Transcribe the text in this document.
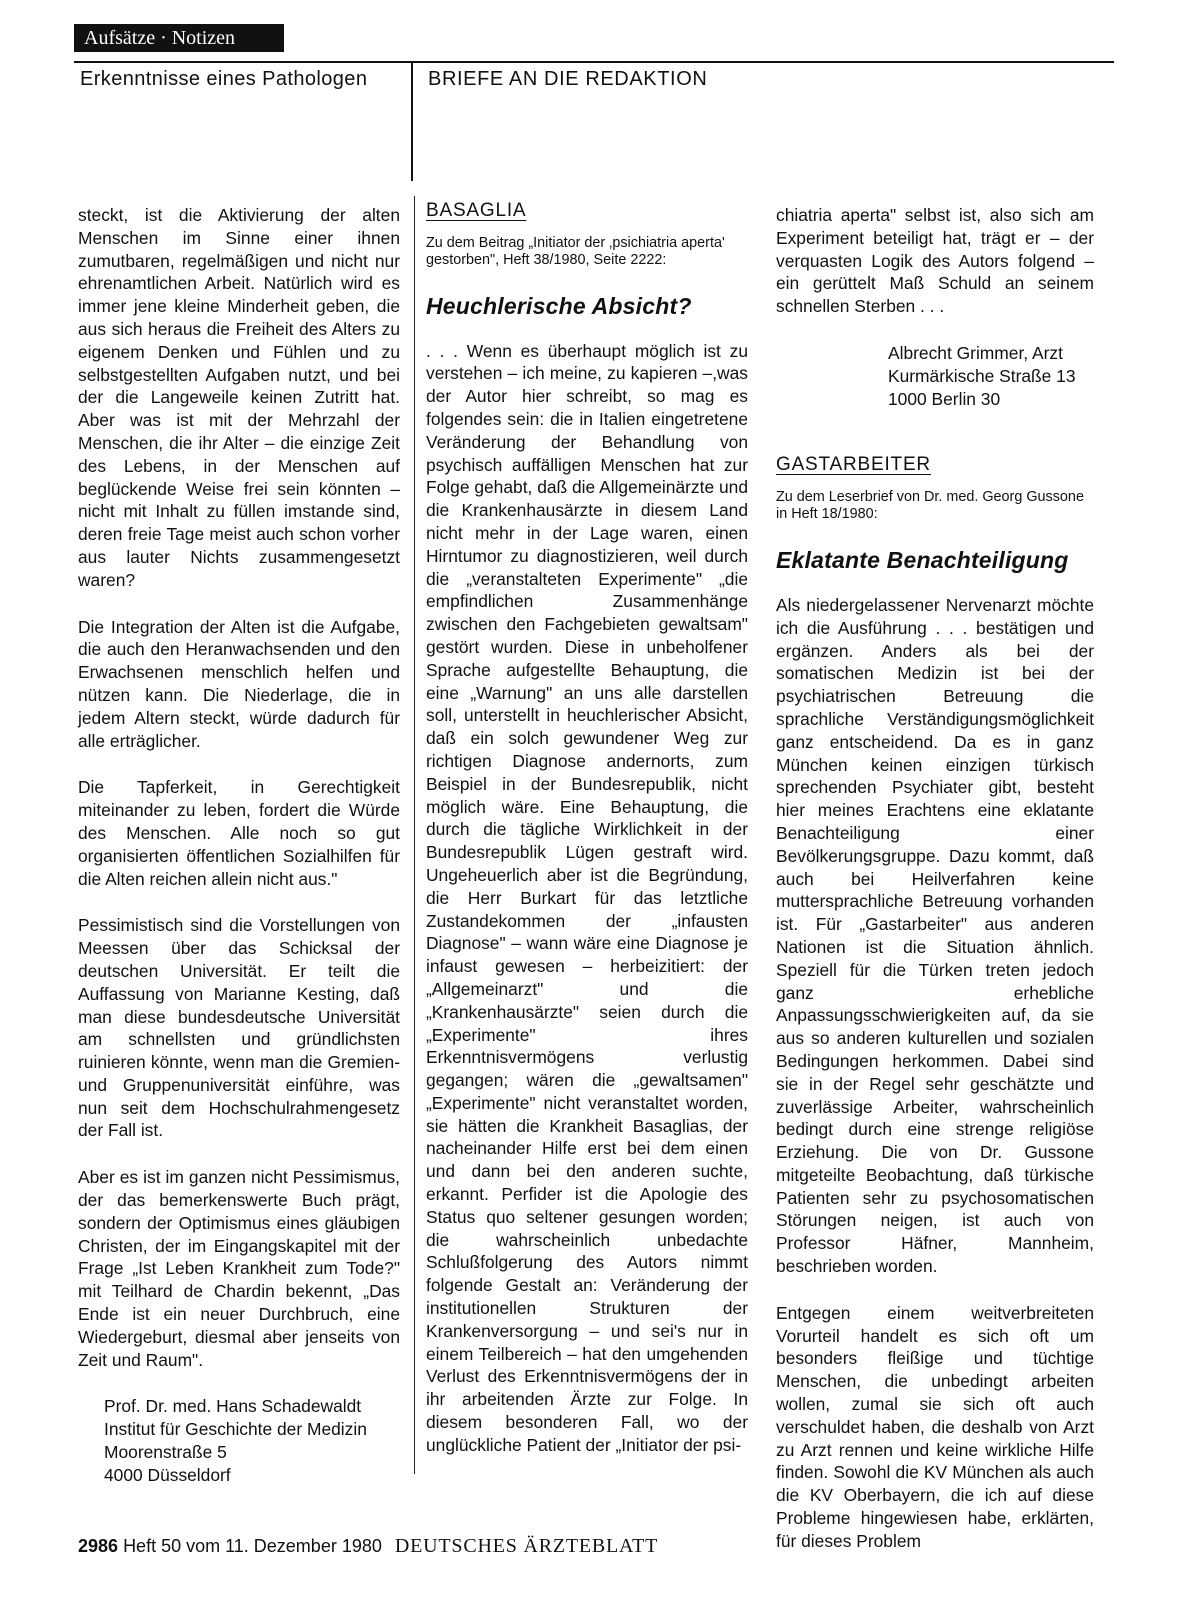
Aufsätze · Notizen
Erkenntnisse eines Pathologen	BRIEFE AN DIE REDAKTION

steckt, ist die Aktivierung der alten Menschen im Sinne einer ihnen zumutbaren, regelmäßigen und nicht nur ehrenamtlichen Arbeit. Natürlich wird es immer jene kleine Minderheit geben, die aus sich heraus die Freiheit des Alters zu eigenem Denken und Fühlen und zu selbstgestellten Aufgaben nutzt, und bei der die Langeweile keinen Zutritt hat. Aber was ist mit der Mehrzahl der Menschen, die ihr Alter – die einzige Zeit des Lebens, in der Menschen auf beglückende Weise frei sein könnten – nicht mit Inhalt zu füllen imstande sind, deren freie Tage meist auch schon vorher aus lauter Nichts zusammengesetzt waren?

Die Integration der Alten ist die Aufgabe, die auch den Heranwachsenden und den Erwachsenen menschlich helfen und nützen kann. Die Niederlage, die in jedem Altern steckt, würde dadurch für alle erträglicher.

Die Tapferkeit, in Gerechtigkeit miteinander zu leben, fordert die Würde des Menschen. Alle noch so gut organisierten öffentlichen Sozialhilfen für die Alten reichen allein nicht aus."

Pessimistisch sind die Vorstellungen von Meessen über das Schicksal der deutschen Universität. Er teilt die Auffassung von Marianne Kesting, daß man diese bundesdeutsche Universität am schnellsten und gründlichsten ruinieren könnte, wenn man die Gremien- und Gruppenuniversität einführe, was nun seit dem Hochschulrahmengesetz der Fall ist.

Aber es ist im ganzen nicht Pessimismus, der das bemerkenswerte Buch prägt, sondern der Optimismus eines gläubigen Christen, der im Eingangskapitel mit der Frage „Ist Leben Krankheit zum Tode?" mit Teilhard de Chardin bekennt, „Das Ende ist ein neuer Durchbruch, eine Wiedergeburt, diesmal aber jenseits von Zeit und Raum".

Prof. Dr. med. Hans Schadewaldt
Institut für Geschichte der Medizin
Moorenstraße 5
4000 Düsseldorf
BASAGLIA

Zu dem Beitrag „Initiator der ‚psichiatria aperta' gestorben", Heft 38/1980, Seite 2222:

Heuchlerische Absicht?

. . . Wenn es überhaupt möglich ist zu verstehen – ich meine, zu kapieren –,was der Autor hier schreibt, so mag es folgendes sein: die in Italien eingetretene Veränderung der Behandlung von psychisch auffälligen Menschen hat zur Folge gehabt, daß die Allgemeinärzte und die Krankenhausärzte in diesem Land nicht mehr in der Lage waren, einen Hirntumor zu diagnostizieren, weil durch die „veranstalteten Experimente" „die empfindlichen Zusammenhänge zwischen den Fachgebieten gewaltsam" gestört wurden. Diese in unbeholfener Sprache aufgestellte Behauptung, die eine „Warnung" an uns alle darstellen soll, unterstellt in heuchlerischer Absicht, daß ein solch gewundener Weg zur richtigen Diagnose andernorts, zum Beispiel in der Bundesrepublik, nicht möglich wäre. Eine Behauptung, die durch die tägliche Wirklichkeit in der Bundesrepublik Lügen gestraft wird. Ungeheuerlich aber ist die Begründung, die Herr Burkart für das letztliche Zustandekommen der „infausten Diagnose" – wann wäre eine Diagnose je infaust gewesen – herbeizitiert: der „Allgemeinarzt" und die „Krankenhausärzte" seien durch die „Experimente" ihres Erkenntnisvermögens verlustig gegangen; wären die „gewaltsamen" „Experimente" nicht veranstaltet worden, sie hätten die Krankheit Basaglias, der nacheinander Hilfe erst bei dem einen und dann bei den anderen suchte, erkannt. Perfider ist die Apologie des Status quo seltener gesungen worden; die wahrscheinlich unbedachte Schlußfolgerung des Autors nimmt folgende Gestalt an: Veränderung der institutionellen Strukturen der Krankenversorgung – und sei's nur in einem Teilbereich – hat den umgehenden Verlust des Erkenntnisvermögens der in ihr arbeitenden Ärzte zur Folge. In diesem besonderen Fall, wo der unglückliche Patient der „Initiator der psi-

chiatria aperta" selbst ist, also sich am Experiment beteiligt hat, trägt er – der verquasten Logik des Autors folgend – ein gerüttelt Maß Schuld an seinem schnellen Sterben . . .

Albrecht Grimmer, Arzt
Kurmärkische Straße 13
1000 Berlin 30
GASTARBEITER

Zu dem Leserbrief von Dr. med. Georg Gussone in Heft 18/1980:

Eklatante Benachteiligung

Als niedergelassener Nervenarzt möchte ich die Ausführung . . . bestätigen und ergänzen. Anders als bei der somatischen Medizin ist bei der psychiatrischen Betreuung die sprachliche Verständigungsmöglichkeit ganz entscheidend. Da es in ganz München keinen einzigen türkisch sprechenden Psychiater gibt, besteht hier meines Erachtens eine eklatante Benachteiligung einer Bevölkerungsgruppe. Dazu kommt, daß auch bei Heilverfahren keine muttersprachliche Betreuung vorhanden ist. Für „Gastarbeiter" aus anderen Nationen ist die Situation ähnlich. Speziell für die Türken treten jedoch ganz erhebliche Anpassungsschwierigkeiten auf, da sie aus so anderen kulturellen und sozialen Bedingungen herkommen. Dabei sind sie in der Regel sehr geschätzte und zuverlässige Arbeiter, wahrscheinlich bedingt durch eine strenge religiöse Erziehung. Die von Dr. Gussone mitgeteilte Beobachtung, daß türkische Patienten sehr zu psychosomatischen Störungen neigen, ist auch von Professor Häfner, Mannheim, beschrieben worden.

Entgegen einem weitverbreiteten Vorurteil handelt es sich oft um besonders fleißige und tüchtige Menschen, die unbedingt arbeiten wollen, zumal sie sich oft auch verschuldet haben, die deshalb von Arzt zu Arzt rennen und keine wirkliche Hilfe finden. Sowohl die KV München als auch die KV Oberbayern, die ich auf diese Probleme hingewiesen habe, erklärten, für dieses Problem

2986 Heft 50 vom 11. Dezember 1980 DEUTSCHES ÄRZTEBLATT
